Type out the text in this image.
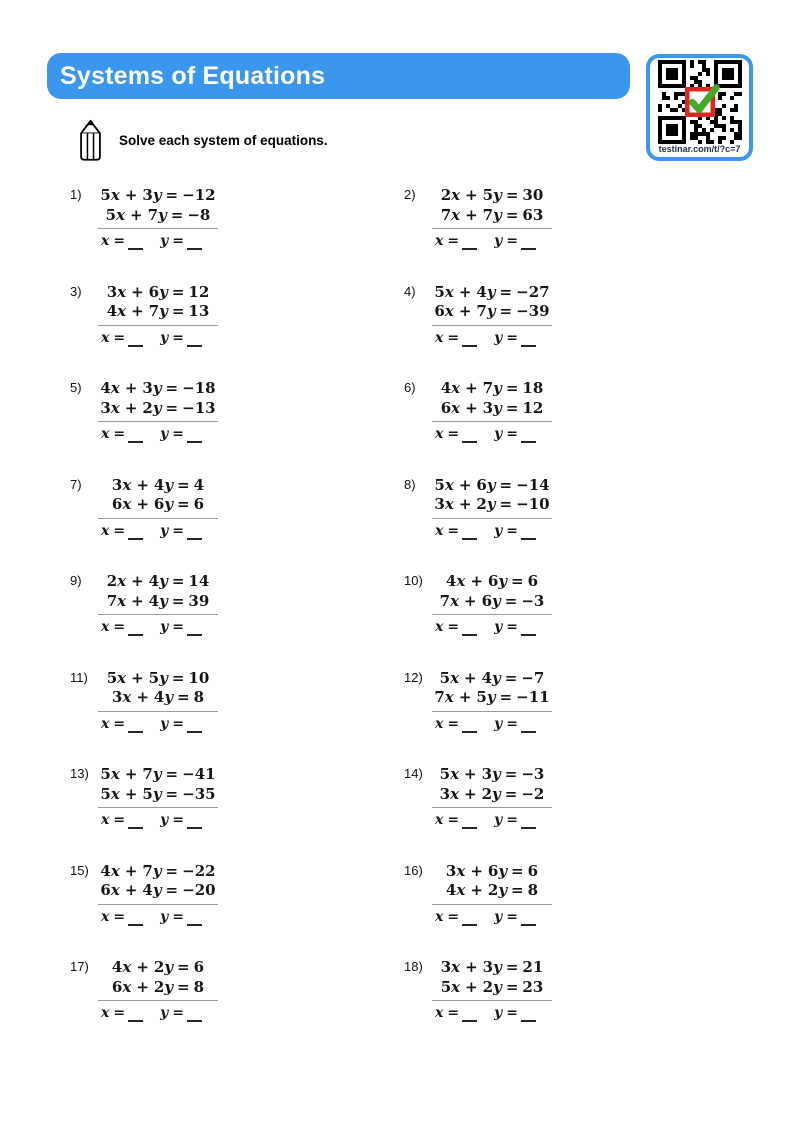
Systems of Equations
testinar.com/t/?c=7
Solve each system of equations.
1)	5x + 3y = −12
5x + 7y = −8
x =	y =
2)	2x + 5y = 30
7x + 7y = 63
x =	y =
3)	3x + 6y = 12
4x + 7y = 13
x =	y =
4)	5x + 4y = −27
6x + 7y = −39
x =	y =
5)	4x + 3y = −18
3x + 2y = −13
x =	y =
6)	4x + 7y = 18
6x + 3y = 12
x =	y =
7)	3x + 4y = 4
6x + 6y = 6
x =	y =
8)	5x + 6y = −14
3x + 2y = −10
x =	y =
9)	2x + 4y = 14
7x + 4y = 39
x =	y =
10)	4x + 6y = 6
7x + 6y = −3
x =	y =
11)	5x + 5y = 10
3x + 4y = 8
x =	y =
12)	5x + 4y = −7
7x + 5y = −11
x =	y =
13) 5x + 7y = −41
5x + 5y = −35
x =	y =
14)	5x + 3y = −3
3x + 2y = −2
x =	y =
15) 4x + 7y = −22
6x + 4y = −20
x =	y =
16)	3x + 6y = 6
4x + 2y = 8
x =	y =
17)	4x + 2y = 6
6x + 2y = 8
x =	y =
18)	3x + 3y = 21
5x + 2y = 23
x =	y =
